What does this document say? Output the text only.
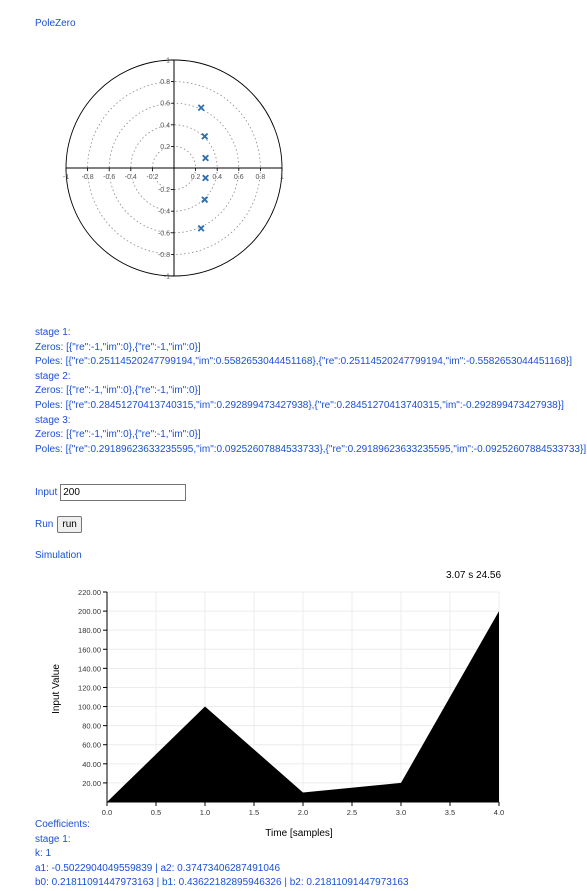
PoleZero
-1 -0.8 -0.6 -0.4 -0.2	0.2 0.4 0.6 0.8 1
1
0.8
0.6
0.4
0.2
-0.2
-0.4
-0.6
-0.8
-1
stage 1:
Zeros: [{"re":-1,"im":0},{"re":-1,"im":0}]
Poles: [{"re":0.25114520247799194,"im":0.5582653044451168},{"re":0.25114520247799194,"im":-0.5582653044451168}]
stage 2:
Zeros: [{"re":-1,"im":0},{"re":-1,"im":0}]
Poles: [{"re":0.28451270413740315,"im":0.292899473427938},{"re":0.28451270413740315,"im":-0.292899473427938}]
stage 3:
Zeros: [{"re":-1,"im":0},{"re":-1,"im":0}]
Poles: [{"re":0.29189623633235595,"im":0.09252607884533733},{"re":0.29189623633235595,"im":-0.09252607884533733}]
Input
200
Run run
Simulation
3.07 s 24.56
20.00
40.00
60.00
80.00
100.00
120.00
140.00
160.00
180.00
200.00
220.00
0.0	0.5	1.0	1.5	2.0	2.5	3.0	3.5	4.0
Time [samples]
Input Value
Coefficients:
stage 1:
k: 1
a1: -0.5022904049559839 | a2: 0.37473406287491046
b0: 0.21811091447973163 | b1: 0.43622182895946326 | b2: 0.21811091447973163
